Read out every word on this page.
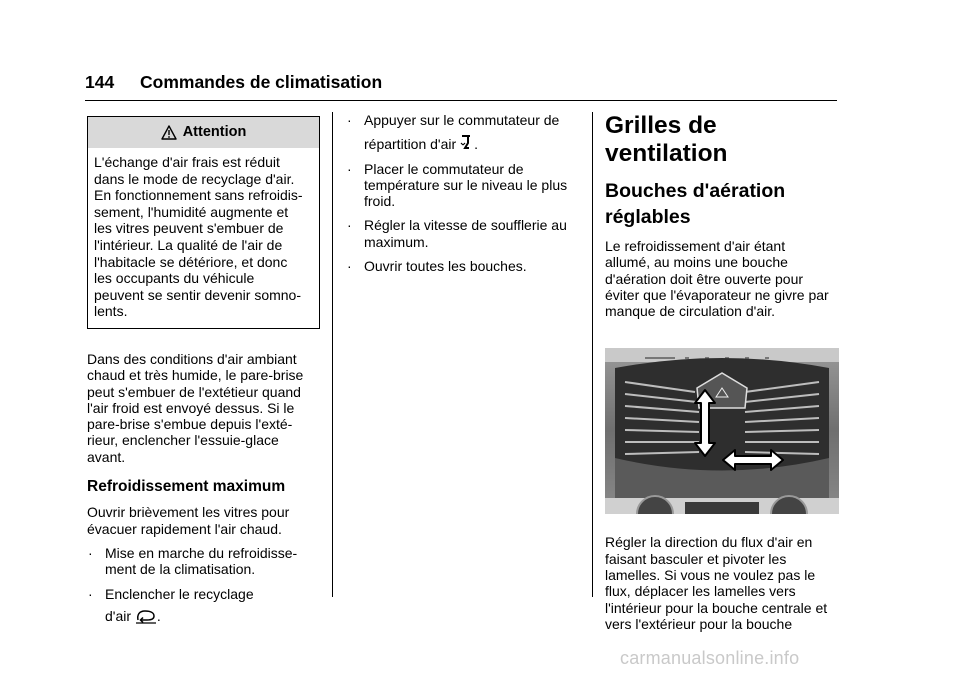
144 Commandes de climatisation
Attention
L'échange d'air frais est réduit
dans le mode de recyclage d'air.
En fonctionnement sans refroidis-
sement, l'humidité augmente et
les vitres peuvent s'embuer de
l'intérieur. La qualité de l'air de
l'habitacle se détériore, et donc
les occupants du véhicule
peuvent se sentir devenir somno-
lents.
Dans des conditions d'air ambiant
chaud et très humide, le pare-brise
peut s'embuer de l'extétieur quand
l'air froid est envoyé dessus. Si le
pare-brise s'embue depuis l'exté-
rieur, enclencher l'essuie-glace
avant.
Refroidissement maximum
Ouvrir brièvement les vitres pour
évacuer rapidement l'air chaud.
· Mise en marche du refroidisse-
ment de la climatisation.
· Enclencher le recyclage
d'air .
· Appuyer sur le commutateur de
répartition d'air .
· Placer le commutateur de
température sur le niveau le plus
froid.
· Régler la vitesse de soufflerie au
maximum.
· Ouvrir toutes les bouches.
Grilles de ventilation
Bouches d'aération
réglables
Le refroidissement d'air étant
allumé, au moins une bouche
d'aération doit être ouverte pour
éviter que l'évaporateur ne givre par
manque de circulation d'air.
Régler la direction du flux d'air en
faisant basculer et pivoter les
lamelles. Si vous ne voulez pas le
flux, déplacer les lamelles vers
l'intérieur pour la bouche centrale et
vers l'extérieur pour la bouche
carmanualsonline.info
